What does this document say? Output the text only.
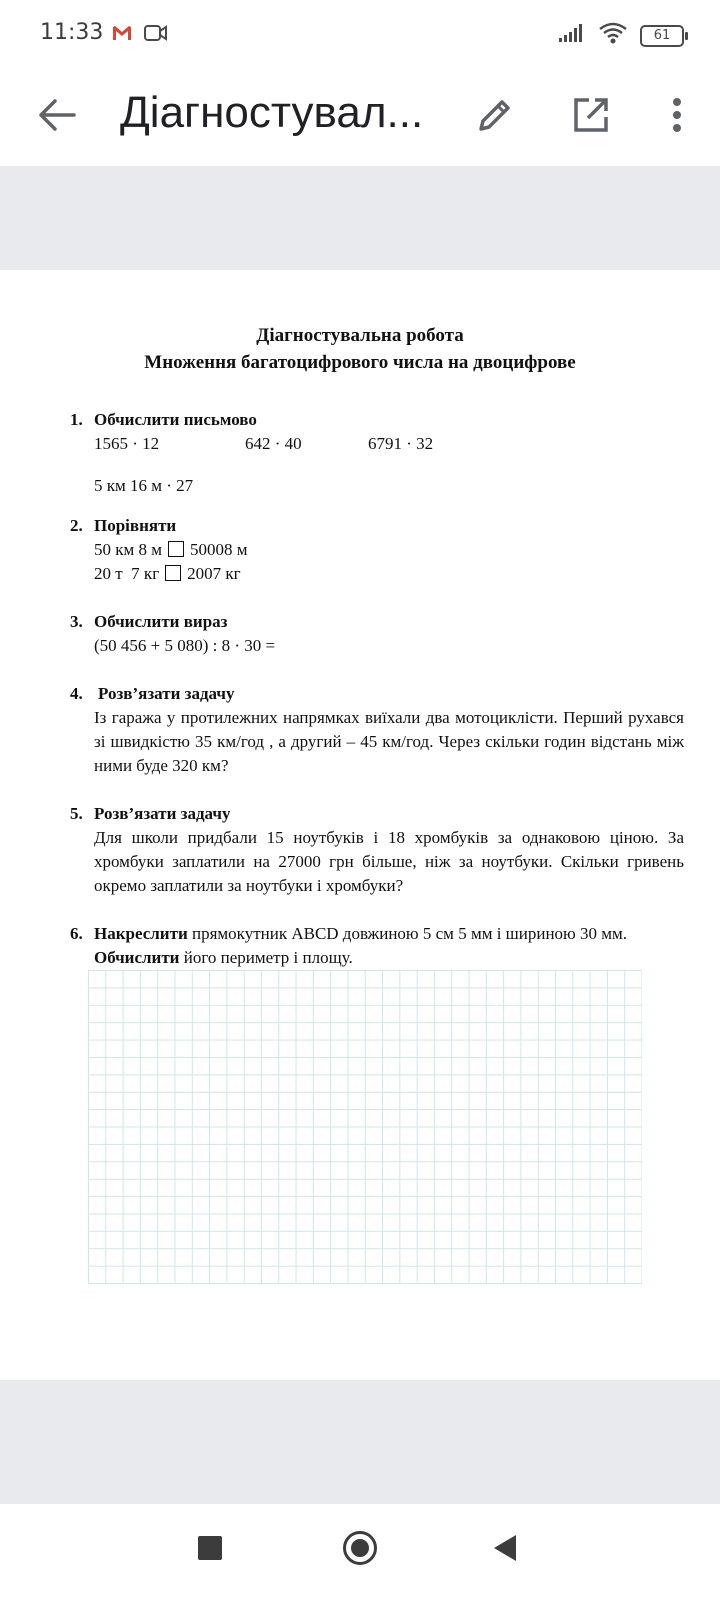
11:33	61
Діагностувал...
Діагностувальна робота
Множення багатоцифрового числа на двоцифрове
1. Обчислити письмово
1565 · 12	642 · 40	6791 · 32
5 км 16 м · 27
2. Порівняти
50 км 8 м 50008 м
20 т  7 кг 2007 кг
3. Обчислити вираз
(50 456 + 5 080) : 8 · 30 =
4. Розв’язати задачу
Із гаража у протилежних напрямках виїхали два мотоциклісти. Перший рухався зі швидкістю 35 км/год , а другий – 45 км/год. Через скільки годин відстань між ними буде 320 км?
5. Розв’язати задачу
Для школи придбали 15 ноутбуків і 18 хромбуків за однаковою ціною. За хромбуки заплатили на 27000 грн більше, ніж за ноутбуки. Скільки гривень окремо заплатили за ноутбуки і хромбуки?
6. Накреслити прямокутник ABCD довжиною 5 см 5 мм і шириною 30 мм.
Обчислити його периметр і площу.
